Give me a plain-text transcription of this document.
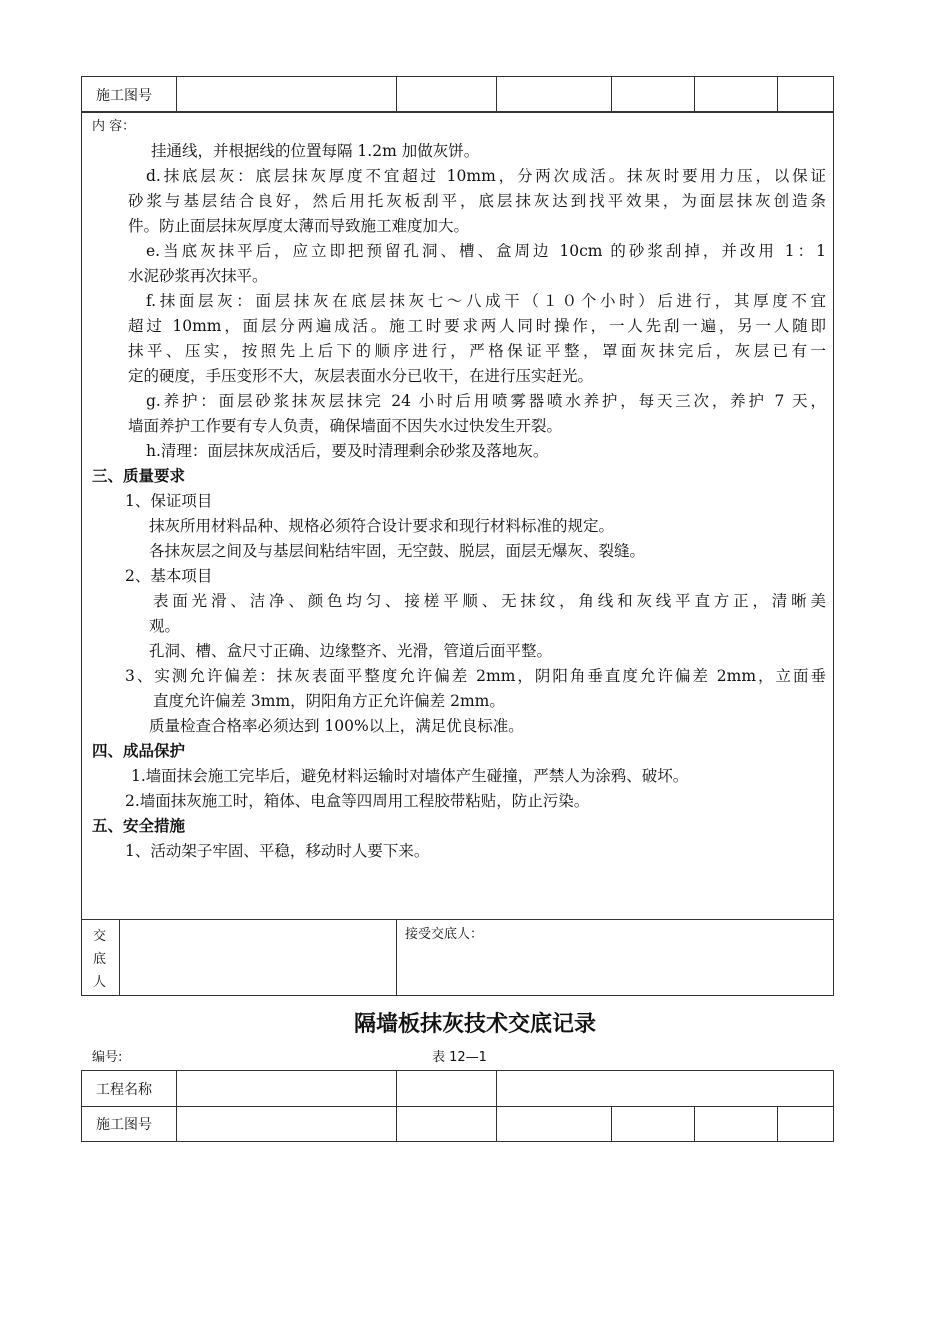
施工图号						
内 容：
挂通线，并根据线的位置每隔 1.2m 加做灰饼。
d.抹底层灰：底层抹灰厚度不宜超过 10mm，分两次成活。抹灰时要用力压，以保证
砂浆与基层结合良好，然后用托灰板刮平，底层抹灰达到找平效果，为面层抹灰创造条
件。防止面层抹灰厚度太薄而导致施工难度加大。
e.当底灰抹平后，应立即把预留孔洞、槽、盒周边 10cm 的砂浆刮掉，并改用 1：1
水泥砂浆再次抹平。
f.抹面层灰：面层抹灰在底层抹灰七～八成干（１０个小时）后进行，其厚度不宜
超过 10mm，面层分两遍成活。施工时要求两人同时操作，一人先刮一遍，另一人随即
抹平、压实，按照先上后下的顺序进行，严格保证平整，罩面灰抹完后，灰层已有一
定的硬度，手压变形不大，灰层表面水分已收干，在进行压实赶光。
g.养护：面层砂浆抹灰层抹完 24 小时后用喷雾器喷水养护，每天三次，养护 7 天，
墙面养护工作要有专人负责，确保墙面不因失水过快发生开裂。
h.清理：面层抹灰成活后，要及时清理剩余砂浆及落地灰。
三、质量要求
1、保证项目
抹灰所用材料品种、规格必须符合设计要求和现行材料标准的规定。
各抹灰层之间及与基层间粘结牢固，无空鼓、脱层，面层无爆灰、裂缝。
2、基本项目
表面光滑、洁净、颜色均匀、接槎平顺、无抹纹，角线和灰线平直方正，清晰美
观。
孔洞、槽、盒尺寸正确、边缘整齐、光滑，管道后面平整。
3、实测允许偏差：抹灰表面平整度允许偏差 2mm，阴阳角垂直度允许偏差 2mm，立面垂
直度允许偏差 3mm，阴阳角方正允许偏差 2mm。
质量检查合格率必须达到 100%以上，满足优良标准。
四、成品保护
1.墙面抹会施工完毕后，避免材料运输时对墙体产生碰撞，严禁人为涂鸦、破坏。
2.墙面抹灰施工时，箱体、电盒等四周用工程胶带粘贴，防止污染。
五、安全措施
1、活动架子牢固、平稳，移动时人要下来。
交
底
人
接受交底人：
隔墙板抹灰技术交底记录
编号:	表 12—1
工程名称						
施工图号						
